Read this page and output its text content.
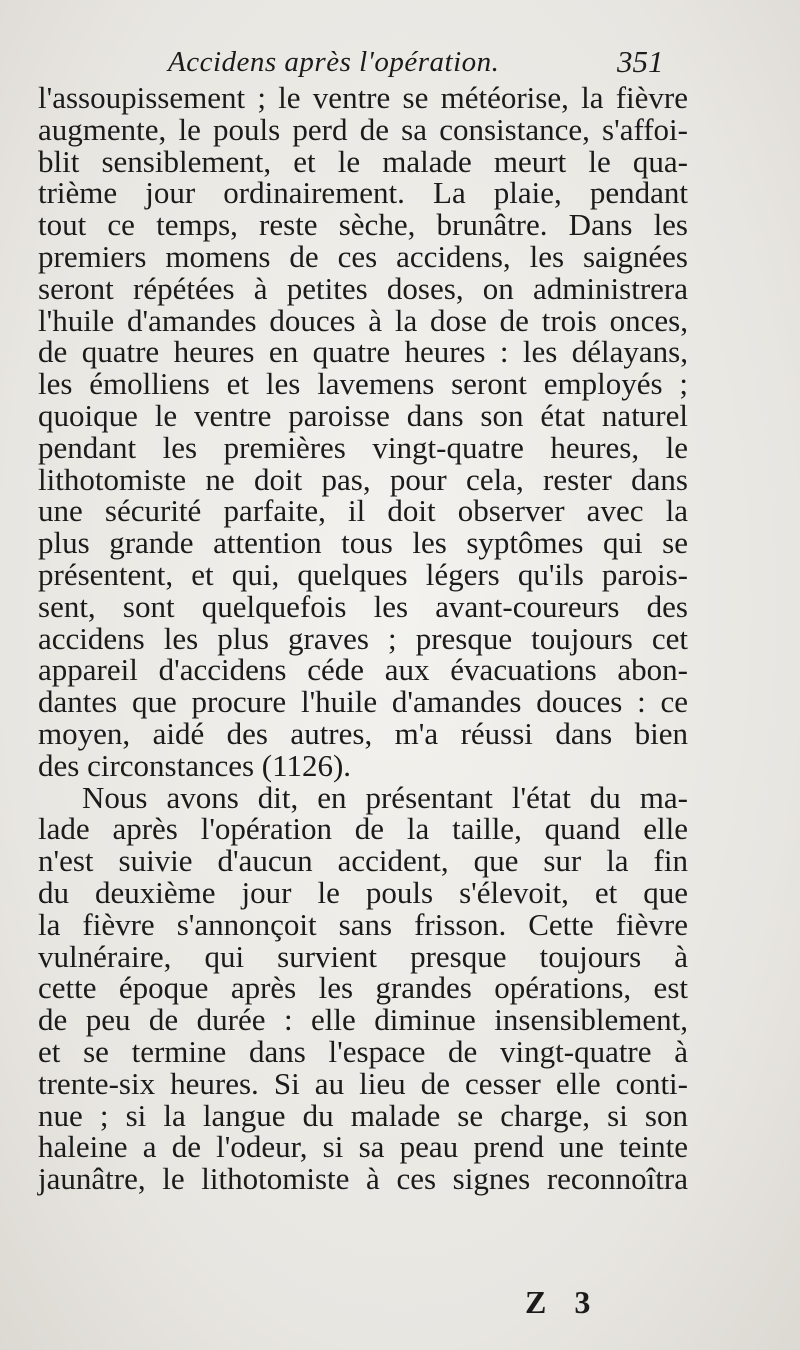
Accidens après l'opération.	351
l'assoupissement ; le ventre se météorise, la fièvre
augmente, le pouls perd de sa consistance, s'affoi-
blit sensiblement, et le malade meurt le qua-
trième jour ordinairement. La plaie, pendant
tout ce temps, reste sèche, brunâtre. Dans les
premiers momens de ces accidens, les saignées
seront répétées à petites doses, on administrera
l'huile d'amandes douces à la dose de trois onces,
de quatre heures en quatre heures : les délayans,
les émolliens et les lavemens seront employés ;
quoique le ventre paroisse dans son état naturel
pendant les premières vingt-quatre heures, le
lithotomiste ne doit pas, pour cela, rester dans
une sécurité parfaite, il doit observer avec la
plus grande attention tous les syptômes qui se
présentent, et qui, quelques légers qu'ils parois-
sent, sont quelquefois les avant-coureurs des
accidens les plus graves ; presque toujours cet
appareil d'accidens céde aux évacuations abon-
dantes que procure l'huile d'amandes douces : ce
moyen, aidé des autres, m'a réussi dans bien
des circonstances (1126).
Nous avons dit, en présentant l'état du ma-
lade après l'opération de la taille, quand elle
n'est suivie d'aucun accident, que sur la fin
du deuxième jour le pouls s'élevoit, et que
la fièvre s'annonçoit sans frisson. Cette fièvre
vulnéraire, qui survient presque toujours à
cette époque après les grandes opérations, est
de peu de durée : elle diminue insensiblement,
et se termine dans l'espace de vingt-quatre à
trente-six heures. Si au lieu de cesser elle conti-
nue ; si la langue du malade se charge, si son
haleine a de l'odeur, si sa peau prend une teinte
jaunâtre, le lithotomiste à ces signes reconnoîtra
Z 3
